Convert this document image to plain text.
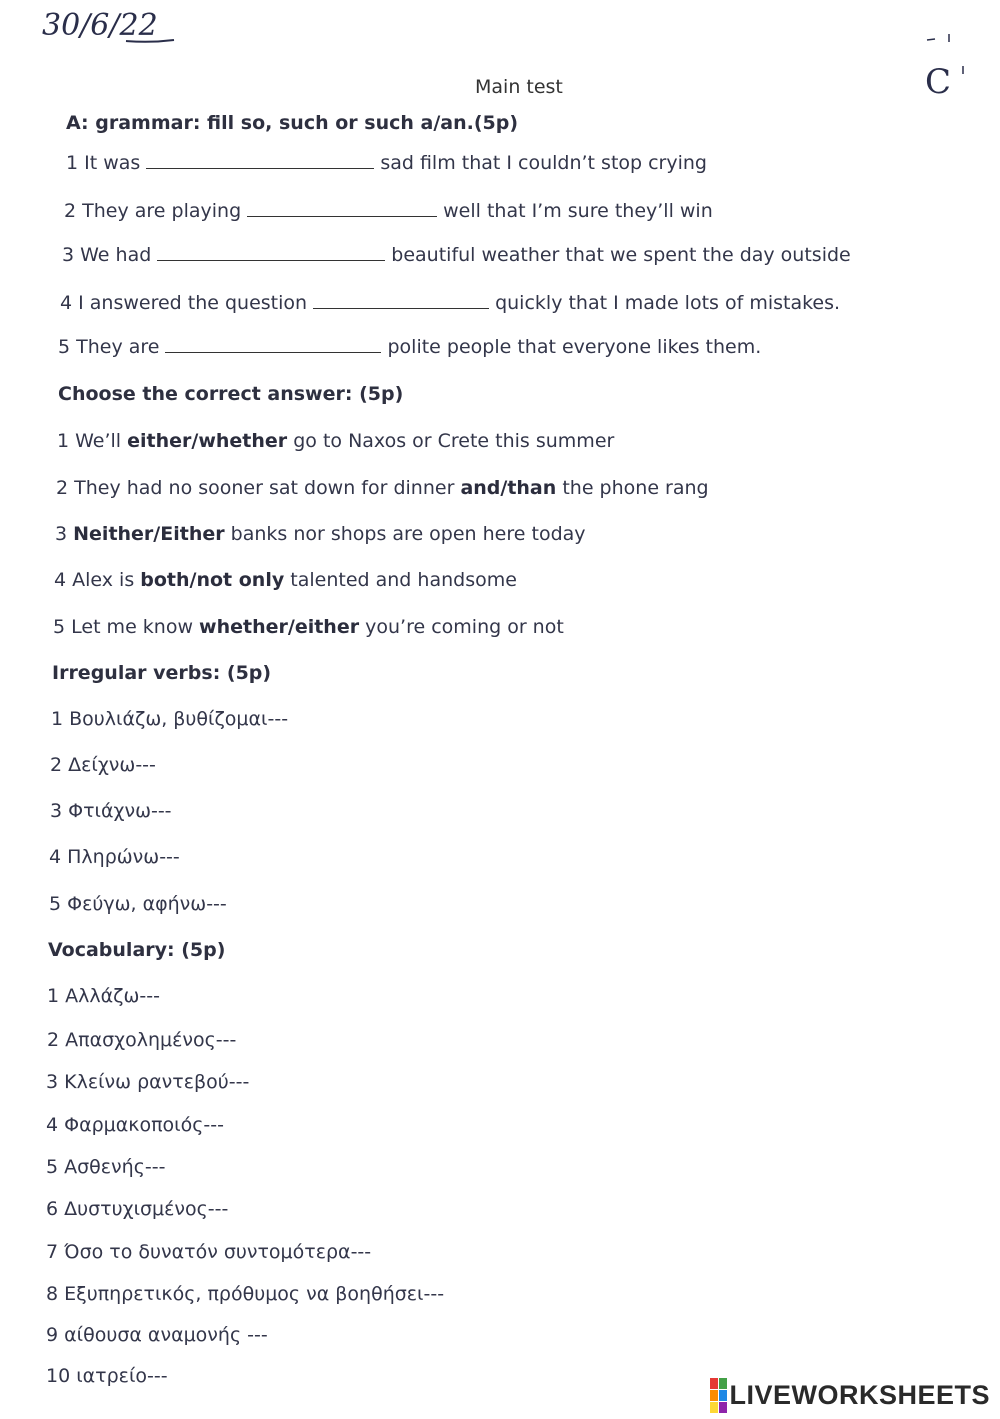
30/6/22
C
Main test
A: grammar: fill so, such or such a/an.(5p)
1 It was	sad film that I couldn’t stop crying
2 They are playing	well that I’m sure they’ll win
3 We had	beautiful weather that we spent the day outside
4 I answered the question	quickly that I made lots of mistakes.
5 They are	polite people that everyone likes them.
Choose the correct answer: (5p)
1 We’ll either/whether go to Naxos or Crete this summer
2 They had no sooner sat down for dinner and/than the phone rang
3 Neither/Either banks nor shops are open here today
4 Alex is both/not only talented and handsome
5 Let me know whether/either you’re coming or not
Irregular verbs: (5p)
1 Βουλιάζω, βυθίζομαι---
2 Δείχνω---
3 Φτιάχνω---
4 Πληρώνω---
5 Φεύγω, αφήνω---
Vocabulary: (5p)
1 Αλλάζω---
2 Απασχολημένος---
3 Κλείνω ραντεβού---
4 Φαρμακοποιός---
5 Ασθενής---
6 Δυστυχισμένος---
7 Όσο το δυνατόν συντομότερα---
8 Εξυπηρετικός, πρόθυμος να βοηθήσει---
9 αίθουσα αναμονής ---
10 ιατρείο---
LIVEWORKSHEETS
